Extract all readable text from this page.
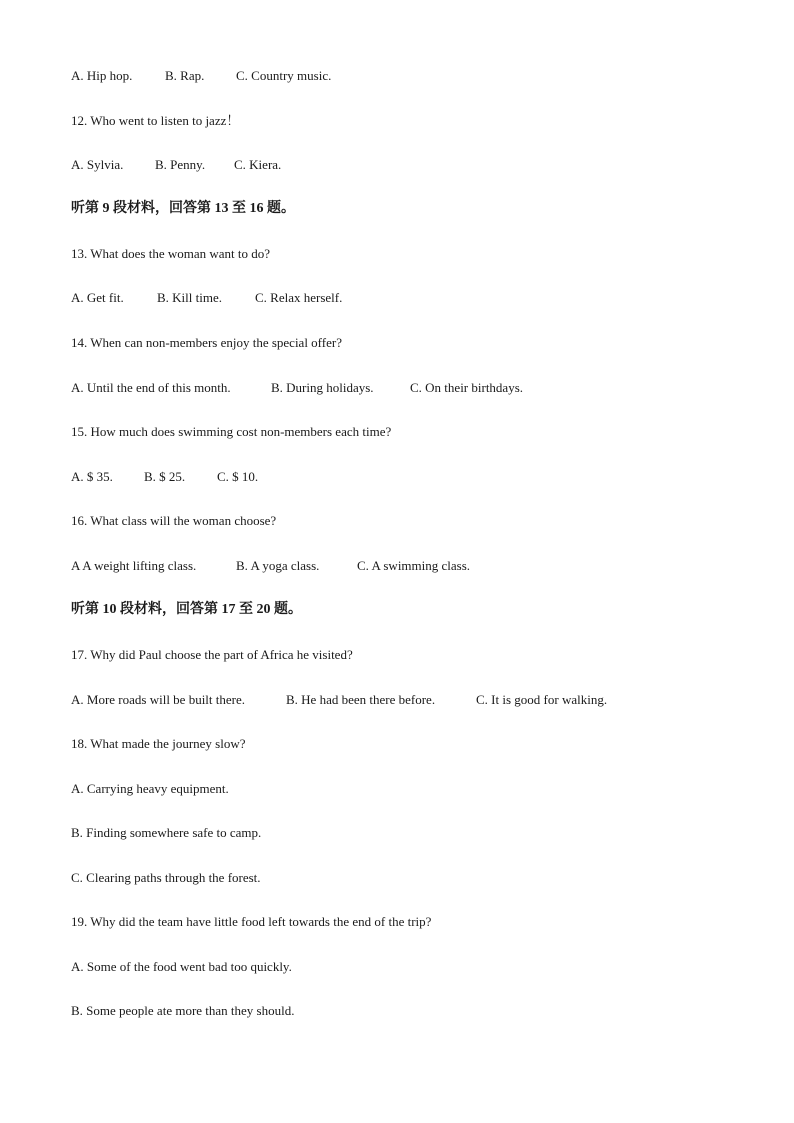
A. Hip hop.	B. Rap. C. Country music.
12. Who went to listen to jazz！
A. Sylvia. B. Penny. C. Kiera.
听第 9 段材料，回答第 13 至 16 题。
13. What does the woman want to do?
A. Get fit.	B. Kill time.	C. Relax herself.
14. When can non-members enjoy the special offer?
A. Until the end of this month.	B. During holidays.	C. On their birthdays.
15. How much does swimming cost non-members each time?
A. $ 35. B. $ 25. C. $ 10.
16. What class will the woman choose?
A A weight lifting class.	B. A yoga class.	C. A swimming class.
听第 10 段材料，回答第 17 至 20 题。
17. Why did Paul choose the part of Africa he visited?
A. More roads will be built there.	B. He had been there before.	C. It is good for walking.
18. What made the journey slow?
A. Carrying heavy equipment.
B. Finding somewhere safe to camp.
C. Clearing paths through the forest.
19. Why did the team have little food left towards the end of the trip?
A. Some of the food went bad too quickly.
B. Some people ate more than they should.
